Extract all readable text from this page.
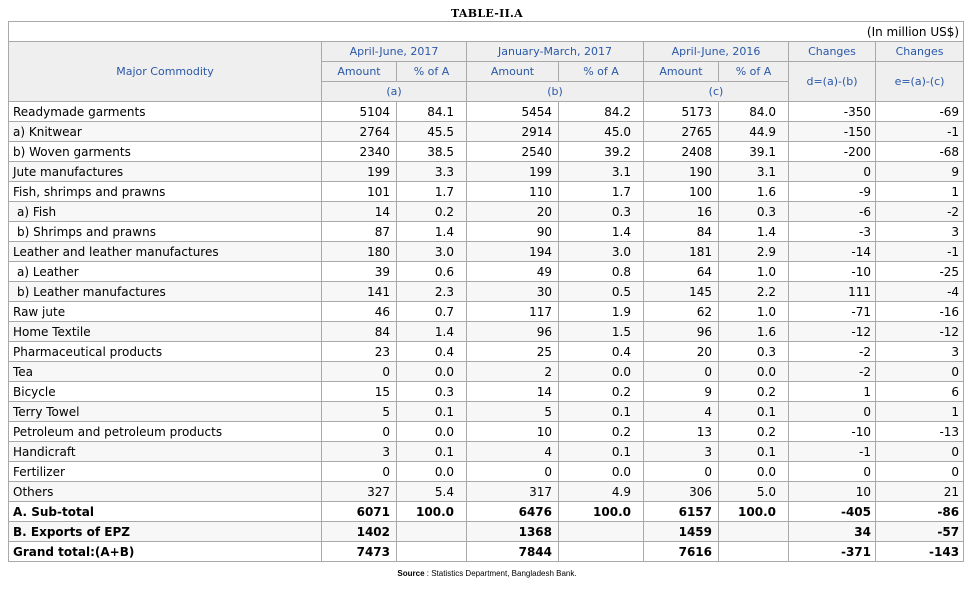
TABLE-II.A
(In million US$)								
Major Commodity	April-June, 2017		January-March, 2017		April-June, 2016		Changes	Changes
	Amount	% of A	Amount	% of A	Amount	% of A	d=(a)-(b)	e=(a)-(c)
	(a)		(b)		(c)			
Readymade garments	5104	84.1	5454	84.2	5173	84.0	-350	-69
a) Knitwear	2764	45.5	2914	45.0	2765	44.9	-150	-1
b) Woven garments	2340	38.5	2540	39.2	2408	39.1	-200	-68
Jute manufactures	199	3.3	199	3.1	190	3.1	0	9
Fish, shrimps and prawns	101	1.7	110	1.7	100	1.6	-9	1
a) Fish	14	0.2	20	0.3	16	0.3	-6	-2
b) Shrimps and prawns	87	1.4	90	1.4	84	1.4	-3	3
Leather and leather manufactures	180	3.0	194	3.0	181	2.9	-14	-1
a) Leather	39	0.6	49	0.8	64	1.0	-10	-25
b) Leather manufactures	141	2.3	30	0.5	145	2.2	111	-4
Raw jute	46	0.7	117	1.9	62	1.0	-71	-16
Home Textile	84	1.4	96	1.5	96	1.6	-12	-12
Pharmaceutical products	23	0.4	25	0.4	20	0.3	-2	3
Tea	0	0.0	2	0.0	0	0.0	-2	0
Bicycle	15	0.3	14	0.2	9	0.2	1	6
Terry Towel	5	0.1	5	0.1	4	0.1	0	1
Petroleum and petroleum products	0	0.0	10	0.2	13	0.2	-10	-13
Handicraft	3	0.1	4	0.1	3	0.1	-1	0
Fertilizer	0	0.0	0	0.0	0	0.0	0	0
Others	327	5.4	317	4.9	306	5.0	10	21
A. Sub-total	6071	100.0	6476	100.0	6157	100.0	-405	-86
B. Exports of EPZ	1402		1368		1459		34	-57
Grand total:(A+B)	7473		7844		7616		-371	-143
Source : Statistics Department, Bangladesh Bank.
